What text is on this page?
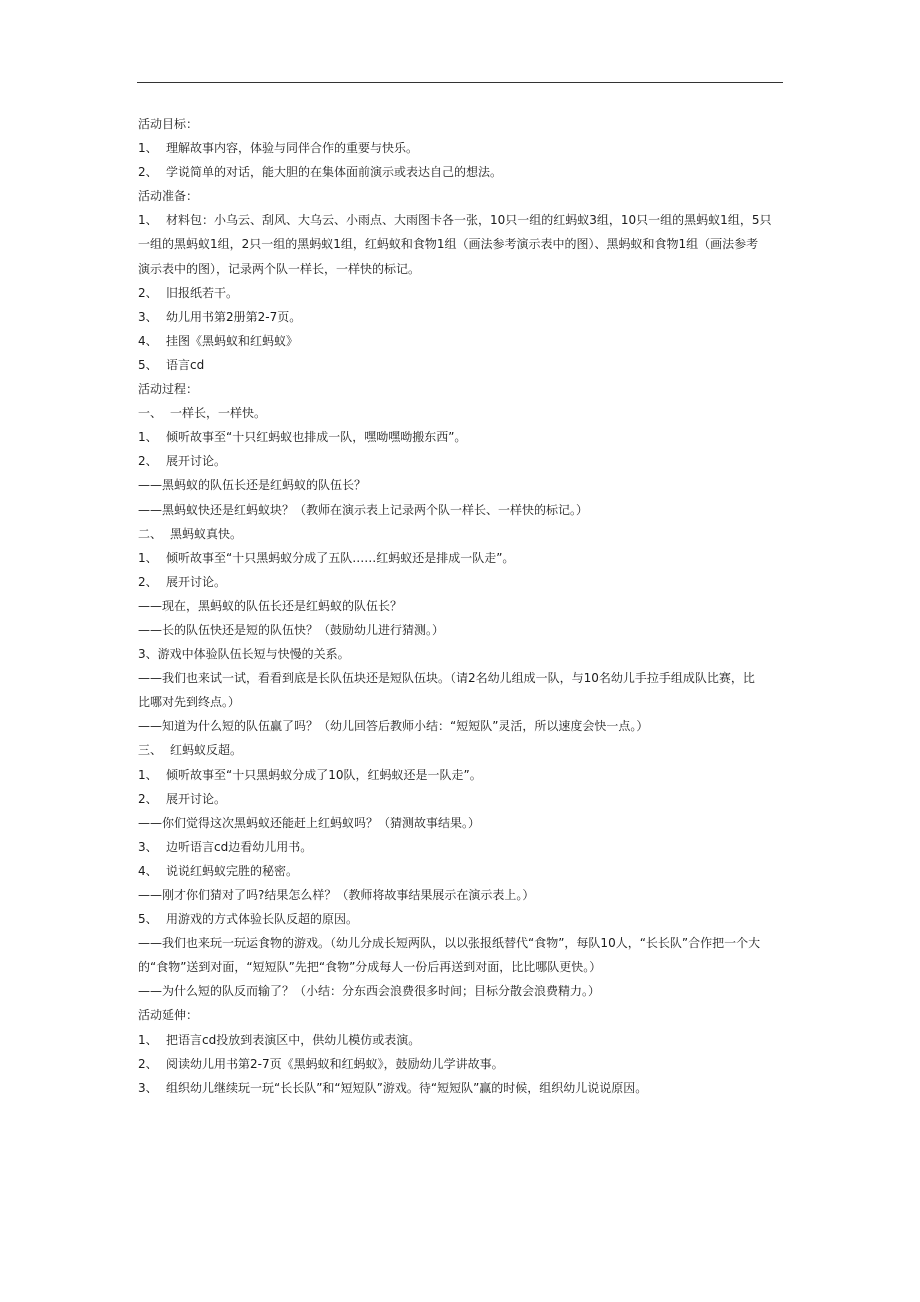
活动目标：
1、 理解故事内容，体验与同伴合作的重要与快乐。
2、 学说简单的对话，能大胆的在集体面前演示或表达自己的想法。
活动准备：
1、 材料包：小乌云、刮风、大乌云、小雨点、大雨图卡各一张，10只一组的红蚂蚁3组，10只一组的黑蚂蚁1组，5只
一组的黑蚂蚁1组，2只一组的黑蚂蚁1组，红蚂蚁和食物1组（画法参考演示表中的图）、黑蚂蚁和食物1组（画法参考
演示表中的图），记录两个队一样长，一样快的标记。
2、 旧报纸若干。
3、 幼儿用书第2册第2-7页。
4、 挂图《黑蚂蚁和红蚂蚁》
5、 语言cd
活动过程：
一、 一样长，一样快。
1、 倾听故事至“十只红蚂蚁也排成一队，嘿呦嘿呦搬东西”。
2、 展开讨论。
——黑蚂蚁的队伍长还是红蚂蚁的队伍长？
——黑蚂蚁快还是红蚂蚁块？（教师在演示表上记录两个队一样长、一样快的标记。）
二、 黑蚂蚁真快。
1、 倾听故事至“十只黑蚂蚁分成了五队……红蚂蚁还是排成一队走”。
2、 展开讨论。
——现在，黑蚂蚁的队伍长还是红蚂蚁的队伍长？
——长的队伍快还是短的队伍快？（鼓励幼儿进行猜测。）
3、游戏中体验队伍长短与快慢的关系。
——我们也来试一试，看看到底是长队伍块还是短队伍块。（请2名幼儿组成一队，与10名幼儿手拉手组成队比赛，比
比哪对先到终点。）
——知道为什么短的队伍赢了吗？（幼儿回答后教师小结：“短短队”灵活，所以速度会快一点。）
三、 红蚂蚁反超。
1、 倾听故事至“十只黑蚂蚁分成了10队，红蚂蚁还是一队走”。
2、 展开讨论。
——你们觉得这次黑蚂蚁还能赶上红蚂蚁吗？（猜测故事结果。）
3、 边听语言cd边看幼儿用书。
4、 说说红蚂蚁完胜的秘密。
——刚才你们猜对了吗?结果怎么样？（教师将故事结果展示在演示表上。）
5、 用游戏的方式体验长队反超的原因。
——我们也来玩一玩运食物的游戏。（幼儿分成长短两队，以以张报纸替代“食物”，每队10人，“长长队”合作把一个大
的“食物”送到对面，“短短队”先把“食物”分成每人一份后再送到对面，比比哪队更快。）
——为什么短的队反而输了？（小结：分东西会浪费很多时间；目标分散会浪费精力。）
活动延伸：
1、 把语言cd投放到表演区中，供幼儿模仿或表演。
2、 阅读幼儿用书第2-7页《黑蚂蚁和红蚂蚁》，鼓励幼儿学讲故事。
3、 组织幼儿继续玩一玩“长长队”和“短短队”游戏。待“短短队”赢的时候，组织幼儿说说原因。
